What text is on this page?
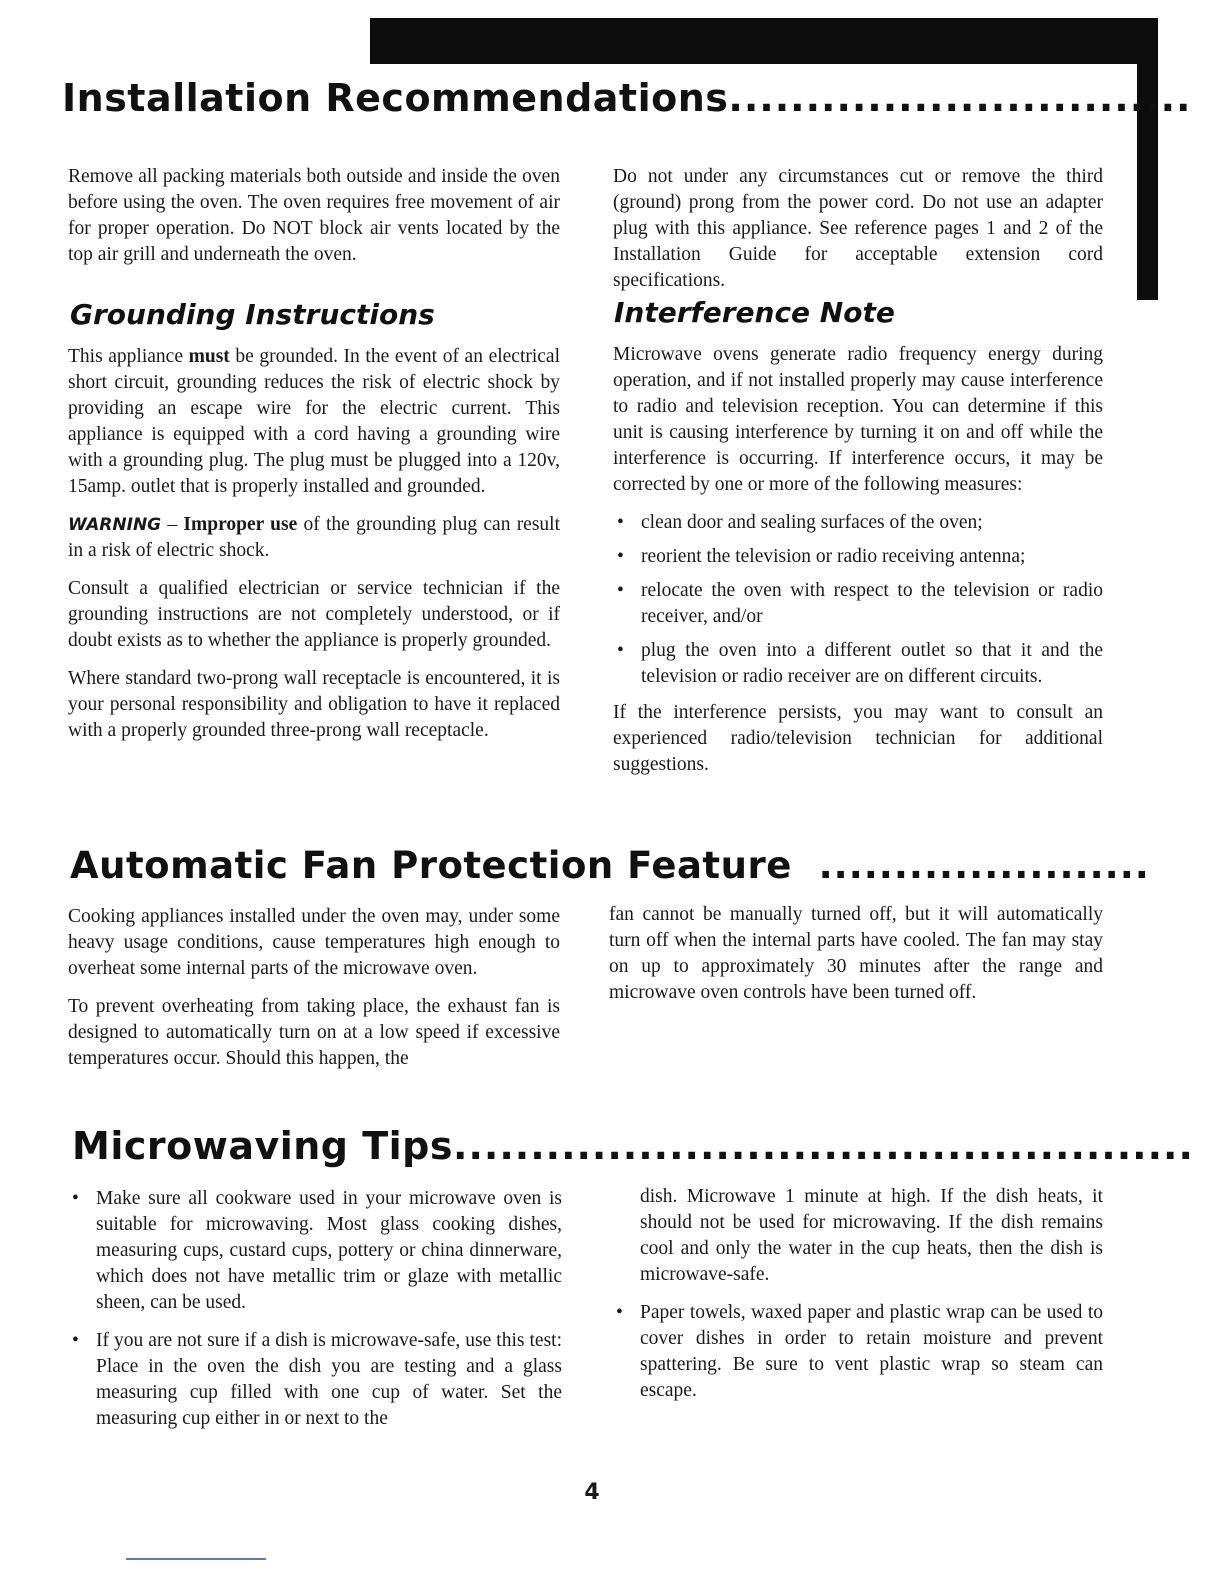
Installation Recommendations..............................

Remove all packing materials both outside and inside the oven before using the oven. The oven requires free movement of air for proper operation. Do NOT block air vents located by the top air grill and underneath the oven.

Grounding Instructions

This appliance must be grounded. In the event of an electrical short circuit, grounding reduces the risk of electric shock by providing an escape wire for the electric current. This appliance is equipped with a cord having a grounding wire with a grounding plug. The plug must be plugged into a 120v, 15amp. outlet that is properly installed and grounded.

WARNING – Improper use of the grounding plug can result in a risk of electric shock.

Consult a qualified electrician or service technician if the grounding instructions are not completely understood, or if doubt exists as to whether the appliance is properly grounded.

Where standard two-prong wall receptacle is encountered, it is your personal responsibility and obligation to have it replaced with a properly grounded three-prong wall receptacle.

Do not under any circumstances cut or remove the third (ground) prong from the power cord. Do not use an adapter plug with this appliance. See reference pages 1 and 2 of the Installation Guide for acceptable extension cord specifications.

Interference Note

Microwave ovens generate radio frequency energy during operation, and if not installed properly may cause interference to radio and television reception. You can determine if this unit is causing interference by turning it on and off while the interference is occurring. If interference occurs, it may be corrected by one or more of the following measures:

• clean door and sealing surfaces of the oven;
• reorient the television or radio receiving antenna;
• relocate the oven with respect to the television or radio receiver, and/or
• plug the oven into a different outlet so that it and the television or radio receiver are on different circuits.

If the interference persists, you may want to consult an experienced radio/television technician for additional suggestions.

Automatic Fan Protection Feature ......................

Cooking appliances installed under the oven may, under some heavy usage conditions, cause temperatures high enough to overheat some internal parts of the microwave oven.

To prevent overheating from taking place, the exhaust fan is designed to automatically turn on at a low speed if excessive temperatures occur. Should this happen, the

fan cannot be manually turned off, but it will automatically turn off when the internal parts have cooled. The fan may stay on up to approximately 30 minutes after the range and microwave oven controls have been turned off.

Microwaving Tips................................................
• Make sure all cookware used in your microwave oven is suitable for microwaving. Most glass cooking dishes, measuring cups, custard cups, pottery or china dinnerware, which does not have metallic trim or glaze with metallic sheen, can be used.
• If you are not sure if a dish is microwave-safe, use this test: Place in the oven the dish you are testing and a glass measuring cup filled with one cup of water. Set the measuring cup either in or next to the

dish. Microwave 1 minute at high. If the dish heats, it should not be used for microwaving. If the dish remains cool and only the water in the cup heats, then the dish is microwave-safe.

• Paper towels, waxed paper and plastic wrap can be used to cover dishes in order to retain moisture and prevent spattering. Be sure to vent plastic wrap so steam can escape.
4
